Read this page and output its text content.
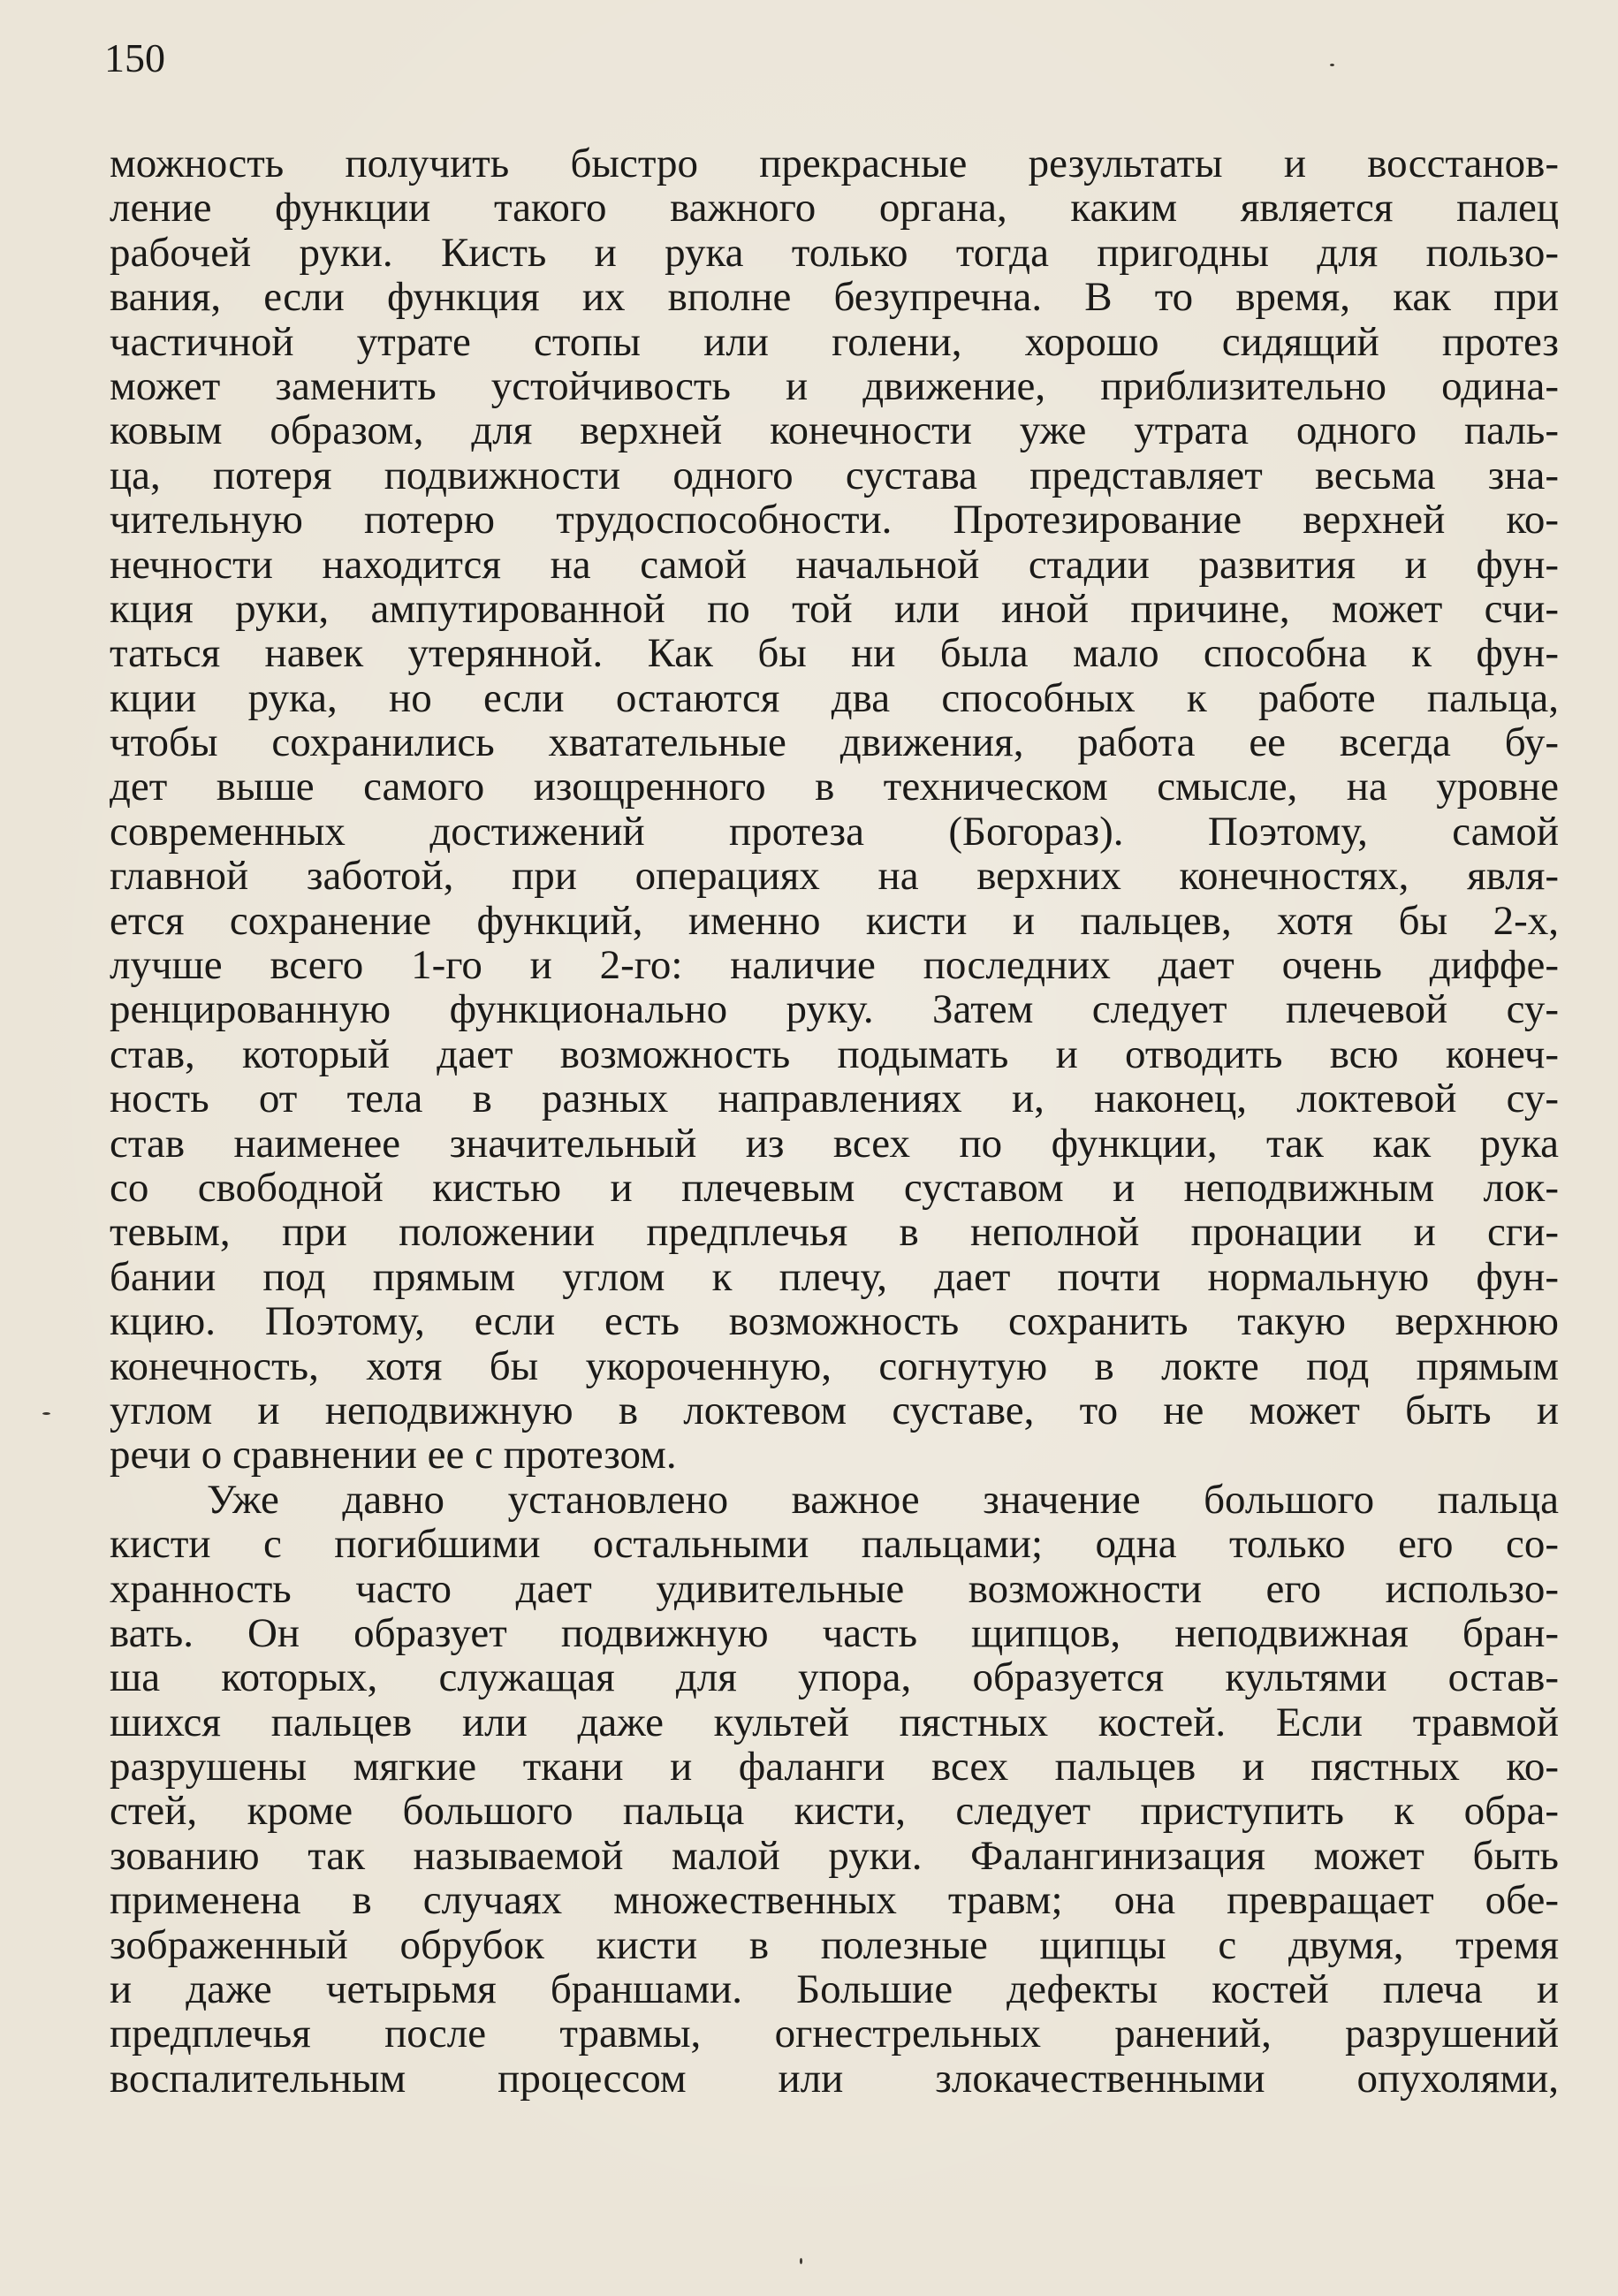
150
можность получить быстро прекрасные результаты и восстанов-
ление функции такого важного органа, каким является палец
рабочей руки. Кисть и рука только тогда пригодны для пользо-
вания, если функция их вполне безупречна. В то время, как при
частичной утрате стопы или голени, хорошо сидящий протез
может заменить устойчивость и движение, приблизительно одина-
ковым образом, для верхней конечности уже утрата одного паль-
ца, потеря подвижности одного сустава представляет весьма зна-
чительную потерю трудоспособности. Протезирование верхней ко-
нечности находится на самой начальной стадии развития и фун-
кция руки, ампутированной по той или иной причине, может счи-
таться навек утерянной. Как бы ни была мало способна к фун-
кции рука, но если остаются два способных к работе пальца,
чтобы сохранились хватательные движения, работа ее всегда бу-
дет выше самого изощренного в техническом смысле, на уровне
современных достижений протеза (Богораз). Поэтому, самой
главной заботой, при операциях на верхних конечностях, явля-
ется сохранение функций, именно кисти и пальцев, хотя бы 2-х,
лучше всего 1-го и 2-го: наличие последних дает очень диффе-
ренцированную функционально руку. Затем следует плечевой су-
став, который дает возможность подымать и отводить всю конеч-
ность от тела в разных направлениях и, наконец, локтевой су-
став наименее значительный из всех по функции, так как рука
со свободной кистью и плечевым суставом и неподвижным лок-
тевым, при положении предплечья в неполной пронации и сги-
бании под прямым углом к плечу, дает почти нормальную фун-
кцию. Поэтому, если есть возможность сохранить такую верхнюю
конечность, хотя бы укороченную, согнутую в локте под прямым
углом и неподвижную в локтевом суставе, то не может быть и
речи о сравнении ее с протезом.
Уже давно установлено важное значение большого пальца
кисти с погибшими остальными пальцами; одна только его со-
хранность часто дает удивительные возможности его использо-
вать. Он образует подвижную часть щипцов, неподвижная бран-
ша которых, служащая для упора, образуется культями остав-
шихся пальцев или даже культей пястных костей. Если травмой
разрушены мягкие ткани и фаланги всех пальцев и пястных ко-
стей, кроме большого пальца кисти, следует приступить к обра-
зованию так называемой малой руки. Фалангинизация может быть
применена в случаях множественных травм; она превращает обе-
зображенный обрубок кисти в полезные щипцы с двумя, тремя
и даже четырьмя браншами. Большие дефекты костей плеча и
предплечья после травмы, огнестрельных ранений, разрушений
воспалительным процессом или злокачественными опухолями,
